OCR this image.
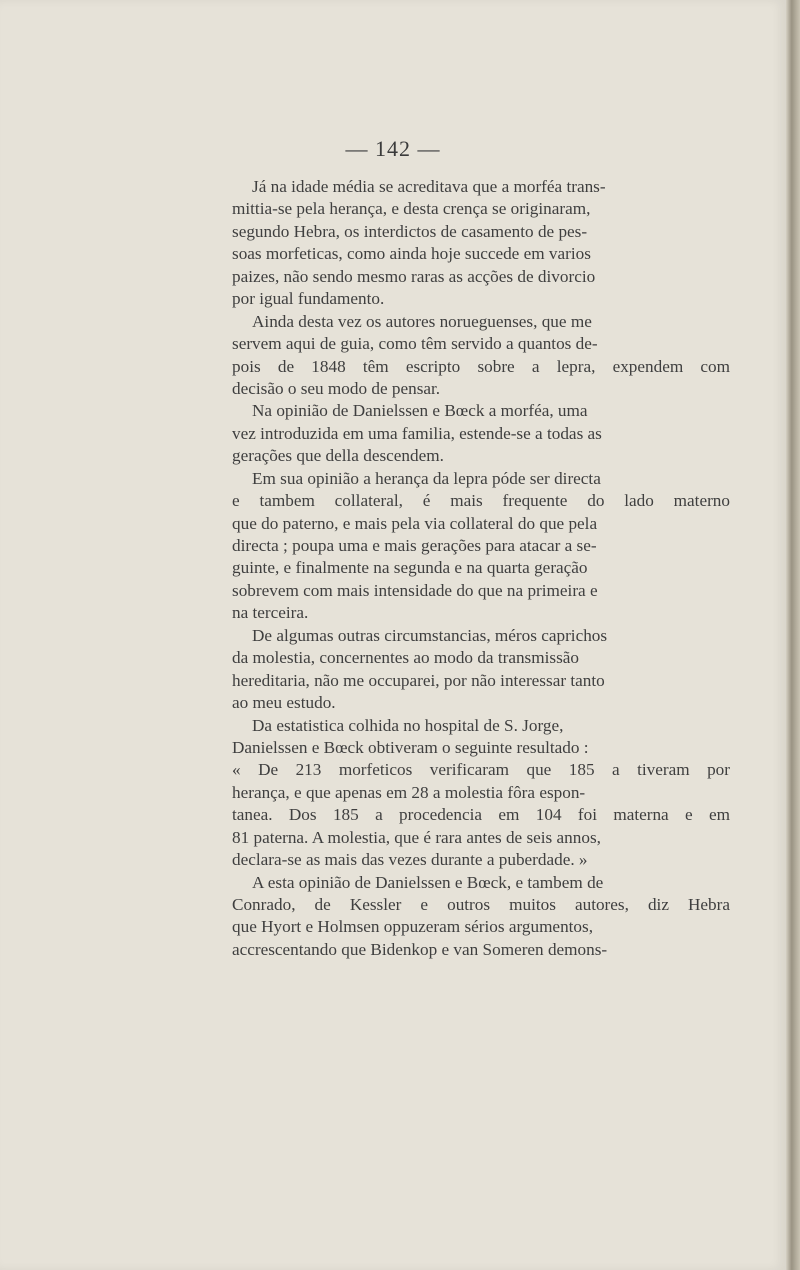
— 142 —
Já na idade média se acreditava que a morféa trans-
mittia-se pela herança, e desta crença se originaram,
segundo Hebra, os interdictos de casamento de pes-
soas morfeticas, como ainda hoje succede em varios
paizes, não sendo mesmo raras as acções de divorcio
por igual fundamento.
Ainda desta vez os autores norueguenses, que me
servem aqui de guia, como têm servido a quantos de-
pois de 1848 têm escripto sobre a lepra, expendem com
decisão o seu modo de pensar.
Na opinião de Danielssen e Bœck a morféa, uma
vez introduzida em uma familia, estende-se a todas as
gerações que della descendem.
Em sua opinião a herança da lepra póde ser directa
e tambem collateral, é mais frequente do lado materno
que do paterno, e mais pela via collateral do que pela
directa ; poupa uma e mais gerações para atacar a se-
guinte, e finalmente na segunda e na quarta geração
sobrevem com mais intensidade do que na primeira e
na terceira.
De algumas outras circumstancias, méros caprichos
da molestia, concernentes ao modo da transmissão
hereditaria, não me occuparei, por não interessar tanto
ao meu estudo.
Da estatistica colhida no hospital de S. Jorge,
Danielssen e Bœck obtiveram o seguinte resultado :
« De 213 morfeticos verificaram que 185 a tiveram por
herança, e que apenas em 28 a molestia fôra espon-
tanea. Dos 185 a procedencia em 104 foi materna e em
81 paterna. A molestia, que é rara antes de seis annos,
declara-se as mais das vezes durante a puberdade. »
A esta opinião de Danielssen e Bœck, e tambem de
Conrado, de Kessler e outros muitos autores, diz Hebra
que Hyort e Holmsen oppuzeram sérios argumentos,
accrescentando que Bidenkop e van Someren demons-
